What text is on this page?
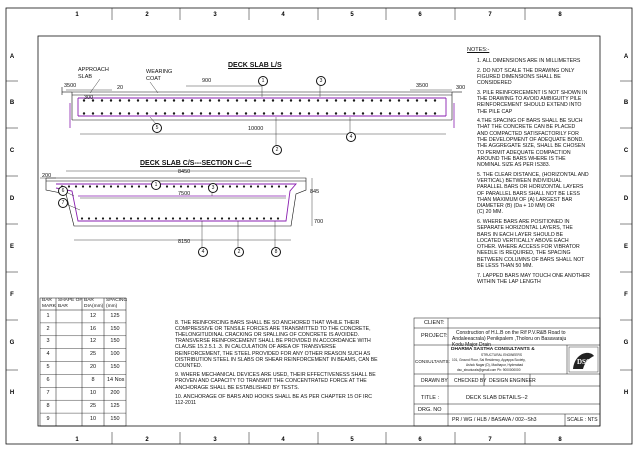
1
1
2
2
3
3
4
4
5
5
6
6
7
7
8
8
A	A
B	B
C	C
D	D
E	E
F	F
G	G
H	H
DSC
DECK SLAB L/S
APPROACH
SLAB
WEARING
COAT	900
3500	20
300
3500	300
10000
DECK SLAB C/S---SECTION C---C
8450
7500
200
845
700
8150
1
2
3
4
5
1	3
6
7
4	2	8
NOTES:-
1. ALL DIMENSIONS ARE IN MILLIMETERS
2. DO NOT SCALE THE DRAWING ONLY
FIGURED DIMENSIONS SHALL BE
CONSIDERED
3. PILE REINFORCEMENT IS NOT SHOWN IN
THE DRAWING TO AVOID AMBIGUITY PILE
REINFORCEMENT SHOULD EXTEND INTO
THE PILE CAP
4.THE SPACING OF BARS SHALL BE SUCH
THAT THE CONCRETE CAN BE PLACED
AND COMPACTED SATISFACTORILY FOR
THE DEVELOPMENT OF ADEQUATE BOND.
THE AGGREGATE SIZE, SHALL BE CHOSEN
TO PERMIT ADEQUATE COMPACTION
AROUND THE BARS WHERE IS THE
NOMINAL SIZE AS PER IS383.
5. THE CLEAR DISTANCE, (HORIZONTAL AND
VERTICAL) BETWEEN INDIVIDUAL
PARALLEL BARS OR HORIZONTAL LAYERS
OF PARALLEL BARS SHALL NOT BE LESS
THAN MAXIMUM OF (A) LARGEST BAR
DIAMETER (B) (Da + 10 MM) OR
(C) 20 MM.
6. WHERE BARS ARE POSITIONED IN
SEPARATE HORIZONTAL LAYERS, THE
BARS IN EACH LAYER SHOULD BE
LOCATED VERTICALLY ABOVE EACH
OTHER. WHERE ACCESS FOR VIBRATOR
NEEDLE IS REQUIRED, THE SPACING
BETWEEN COLUMNS OF BARS SHALL NOT
BE LESS THAN 50 MM.
7. LAPPED BARS MAY TOUCH ONE ANOTHER
WITHIN THE LAP LENGTH
BAR
MARK
SHAPE OF
BAR
BAR
DIA(mm)
SPACING
(mm)
1	12	125
2	16	150
3	12	150
4	25	100
5	20	150
6	8	14 Nos
7	10	200
8	25	125
9	10	150
8. THE REINFORCING BARS SHALL BE SO ANCHORED THAT WHILE THEIR
COMPRESSIVE OR TENSILE FORCES ARE TRANSMITTED TO THE CONCRETE,
THELONGITUDINAL CRACKING OR SPALLING OF CONCRETE IS AVOIDED.
TRANSVERSE REINFORCEMENT SHALL BE PROVIDED IN ACCORDANCE WITH
CLAUSE 15.2.5.1 .3. IN CALCULATION OF AREA OF TRANSVERSE
REINFORCEMENT, THE STEEL PROVIDED FOR ANY OTHER REASON SUCH AS
DISTRIBUTION STEEL IN SLABS OR SHEAR REINFORCEMENT IN BEAMS, CAN BE
COUNTED.
9. WHERE MECHANICAL DEVICES ARE USED, THEIR EFFECTIVENESS SHALL BE
PROVEN AND CAPACITY TO TRANSMIT THE CONCENTRATED FORCE AT THE
ANCHORAGE SHALL BE ESTABLISHED BY TESTS.
10. ANCHORAGE OF BARS AND HOOKS SHALL BE AS PER CHAPTER 15 OF IRC
112-2011
CLIENT:
PROJECT: Construction of H.L.B on the R/f P.V.R&B Road to
Andaleeacrala) Penikpalem ,Tholoru on Basavaraju
Kodu Major Drain
CONSULTANTS:
DHARMA SASTHA CONSULTANTS &
STRUCTURAL ENGINEERS
101, Ground Floor, Sai Residency, Ayyappa Society,
Ashok Nagar (D), Madhapur, Hyderabad
dsc_structurals@gmail.com Ph: 9000000000
DRAWN BY CHECKED BY DESIGN ENGINEER
TITLE :	DECK SLAB DETAILS--2
DRG. NO
PR / WG / HLB / BASAVA / 002--Sh3	SCALE : NTS
